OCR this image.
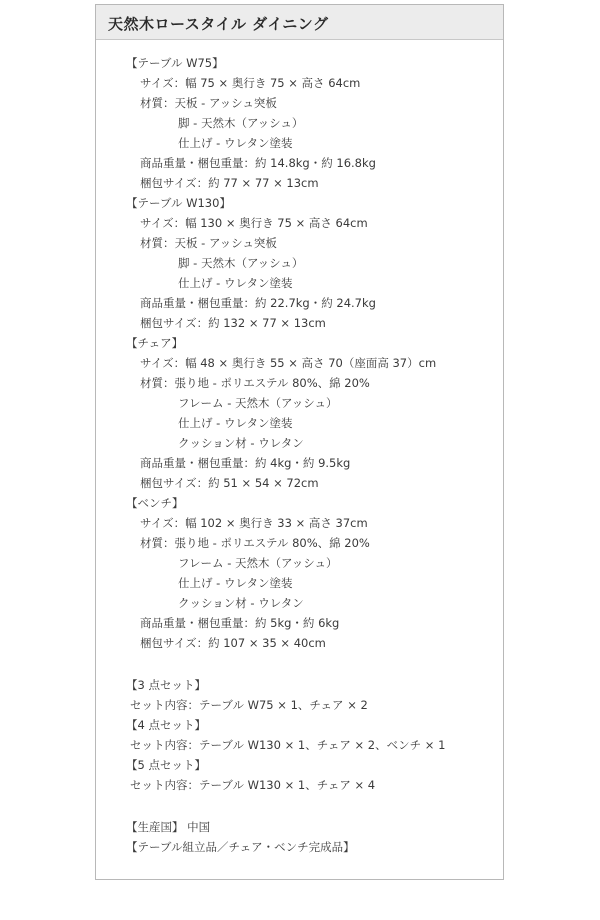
天然木ロースタイル ダイニング
【テーブル W75】
サイズ：幅 75 × 奥行き 75 × 高さ 64cm
材質：天板 - アッシュ突板
脚 - 天然木（アッシュ）
仕上げ - ウレタン塗装
商品重量・梱包重量：約 14.8kg・約 16.8kg
梱包サイズ：約 77 × 77 × 13cm
【テーブル W130】
サイズ：幅 130 × 奥行き 75 × 高さ 64cm
材質：天板 - アッシュ突板
脚 - 天然木（アッシュ）
仕上げ - ウレタン塗装
商品重量・梱包重量：約 22.7kg・約 24.7kg
梱包サイズ：約 132 × 77 × 13cm
【チェア】
サイズ：幅 48 × 奥行き 55 × 高さ 70（座面高 37）cm
材質：張り地 - ポリエステル 80%、綿 20%
フレーム - 天然木（アッシュ）
仕上げ - ウレタン塗装
クッション材 - ウレタン
商品重量・梱包重量：約 4kg・約 9.5kg
梱包サイズ：約 51 × 54 × 72cm
【ベンチ】
サイズ：幅 102 × 奥行き 33 × 高さ 37cm
材質：張り地 - ポリエステル 80%、綿 20%
フレーム - 天然木（アッシュ）
仕上げ - ウレタン塗装
クッション材 - ウレタン
商品重量・梱包重量：約 5kg・約 6kg
梱包サイズ：約 107 × 35 × 40cm
【3 点セット】
セット内容：テーブル W75 × 1、チェア × 2
【4 点セット】
セット内容：テーブル W130 × 1、チェア × 2、ベンチ × 1
【5 点セット】
セット内容：テーブル W130 × 1、チェア × 4
【生産国】 中国
【テーブル組立品／チェア・ベンチ完成品】
